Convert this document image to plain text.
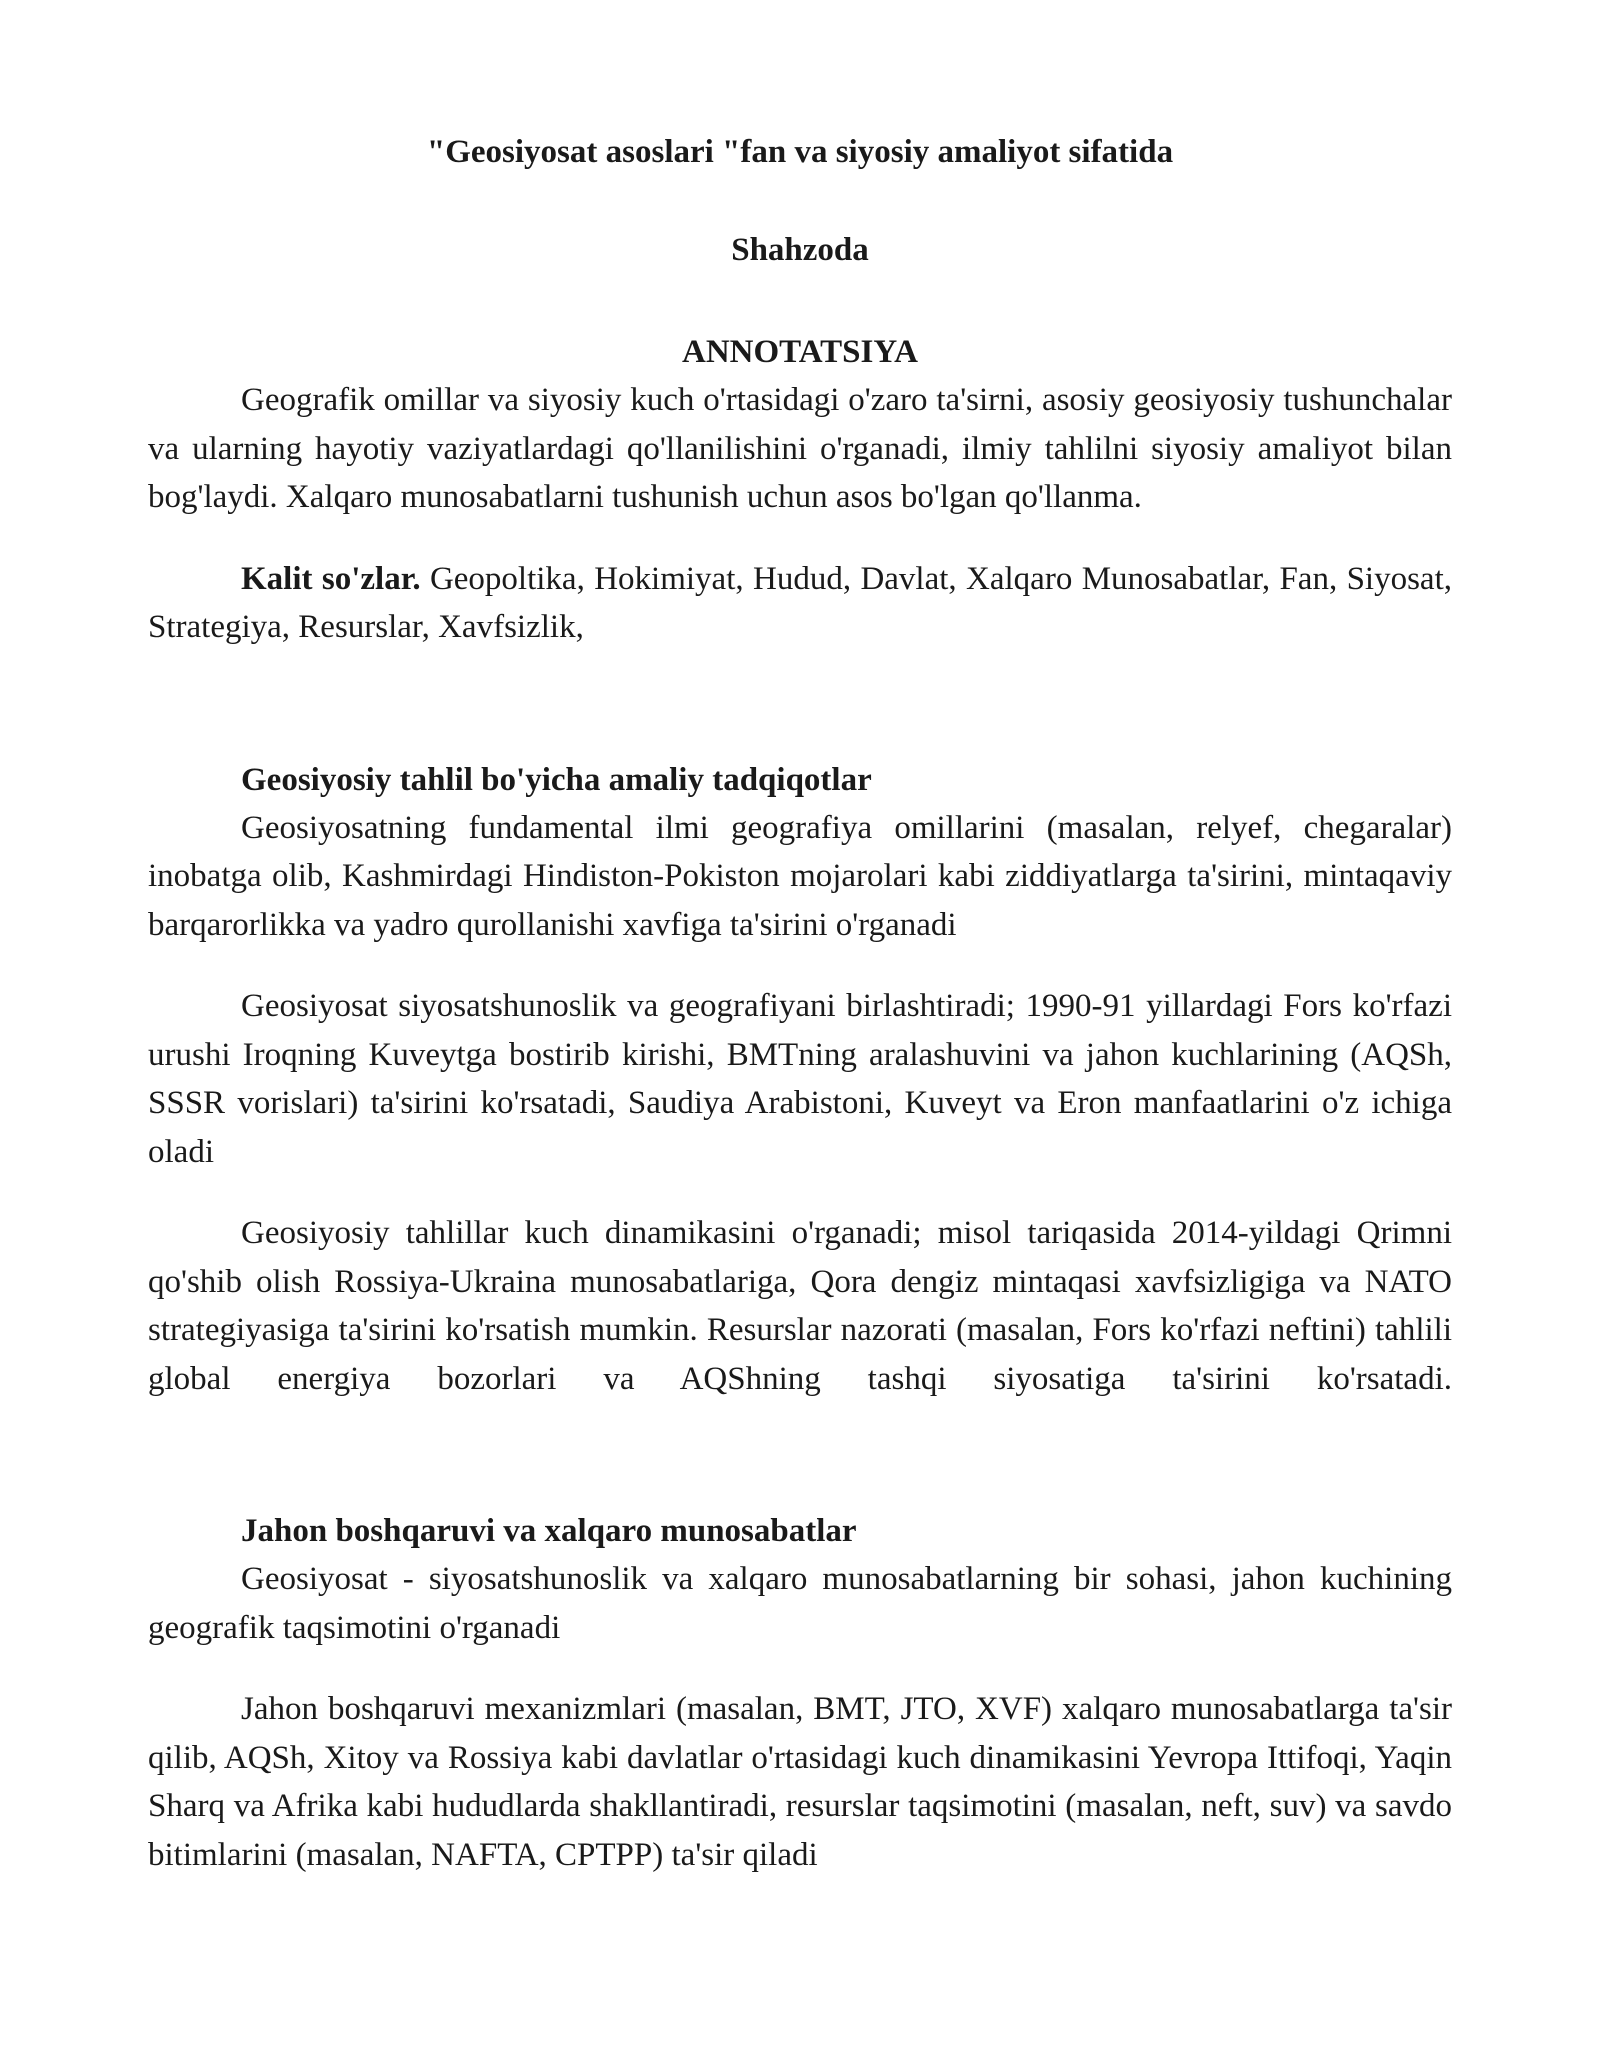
"Geosiyosat asoslari "fan va siyosiy amaliyot sifatida
Shahzoda
ANNOTATSIYA

Geografik omillar va siyosiy kuch o'rtasidagi o'zaro ta'sirni, asosiy geosiyosiy tushunchalar va ularning hayotiy vaziyatlardagi qo'llanilishini o'rganadi, ilmiy tahlilni siyosiy amaliyot bilan bog'laydi. Xalqaro munosabatlarni tushunish uchun asos bo'lgan qo'llanma.

Kalit so'zlar. Geopoltika, Hokimiyat, Hudud, Davlat, Xalqaro Munosabatlar, Fan, Siyosat, Strategiya, Resurslar, Xavfsizlik,

Geosiyosiy tahlil bo'yicha amaliy tadqiqotlar

Geosiyosatning fundamental ilmi geografiya omillarini (masalan, relyef, chegaralar) inobatga olib, Kashmirdagi Hindiston-Pokiston mojarolari kabi ziddiyatlarga ta'sirini, mintaqaviy barqarorlikka va yadro qurollanishi xavfiga ta'sirini o'rganadi

Geosiyosat siyosatshunoslik va geografiyani birlashtiradi; 1990-91 yillardagi Fors ko'rfazi urushi Iroqning Kuveytga bostirib kirishi, BMTning aralashuvini va jahon kuchlarining (AQSh, SSSR vorislari) ta'sirini ko'rsatadi, Saudiya Arabistoni, Kuveyt va Eron manfaatlarini o'z ichiga oladi

Geosiyosiy tahlillar kuch dinamikasini o'rganadi; misol tariqasida 2014-yildagi Qrimni qo'shib olish Rossiya-Ukraina munosabatlariga, Qora dengiz mintaqasi xavfsizligiga va NATO strategiyasiga ta'sirini ko'rsatish mumkin. Resurslar nazorati (masalan, Fors ko'rfazi neftini) tahlili global energiya bozorlari va AQShning tashqi siyosatiga ta'sirini ko'rsatadi.

Jahon boshqaruvi va xalqaro munosabatlar

Geosiyosat - siyosatshunoslik va xalqaro munosabatlarning bir sohasi, jahon kuchining geografik taqsimotini o'rganadi

Jahon boshqaruvi mexanizmlari (masalan, BMT, JTO, XVF) xalqaro munosabatlarga ta'sir qilib, AQSh, Xitoy va Rossiya kabi davlatlar o'rtasidagi kuch dinamikasini Yevropa Ittifoqi, Yaqin Sharq va Afrika kabi hududlarda shakllantiradi, resurslar taqsimotini (masalan, neft, suv) va savdo bitimlarini (masalan, NAFTA, CPTPP) ta'sir qiladi
